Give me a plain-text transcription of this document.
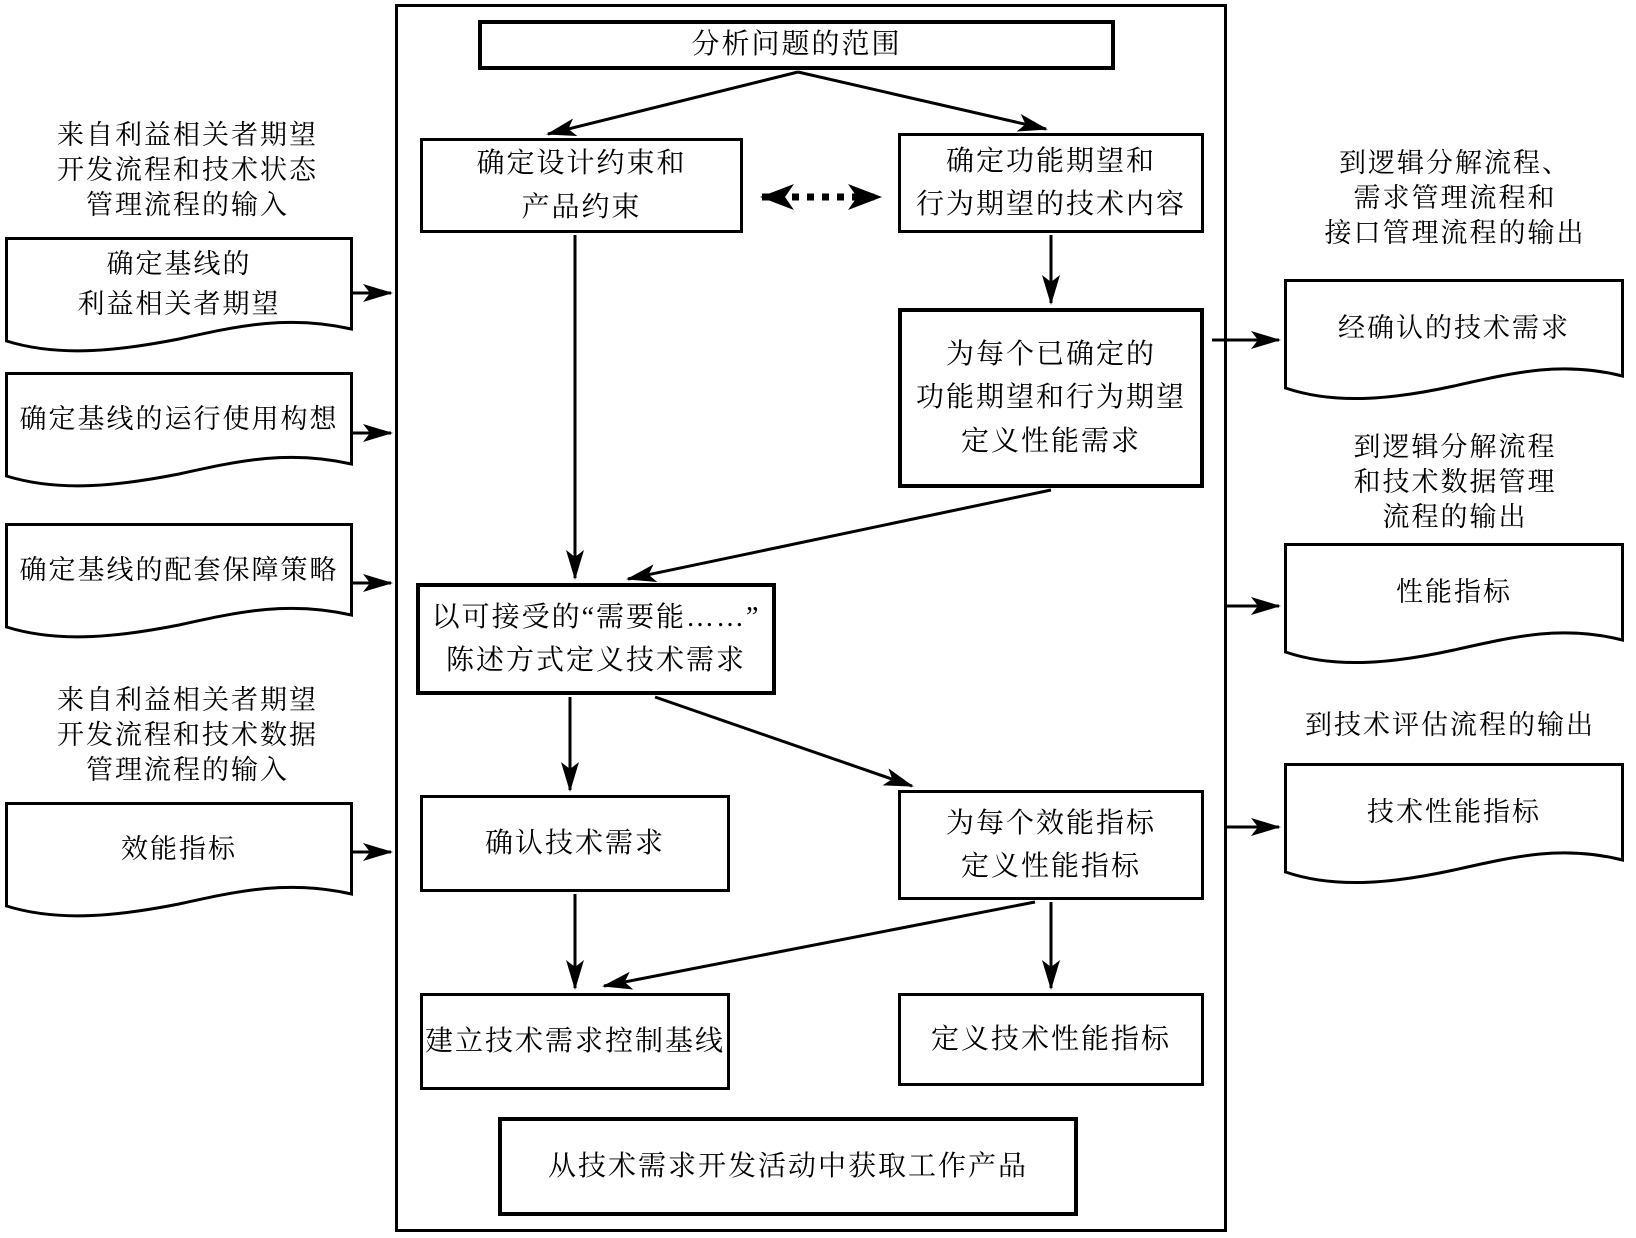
分析问题的范围
确定设计约束和
产品约束
确定功能期望和
行为期望的技术内容
为每个已确定的
功能期望和行为期望
定义性能需求
以可接受的“需要能……”
陈述方式定义技术需求
确认技术需求
为每个效能指标
定义性能指标
建立技术需求控制基线	定义技术性能指标
从技术需求开发活动中获取工作产品
来自利益相关者期望
开发流程和技术状态
管理流程的输入
来自利益相关者期望
开发流程和技术数据
管理流程的输入
确定基线的
利益相关者期望
确定基线的运行使用构想
确定基线的配套保障策略
效能指标
到逻辑分解流程、
需求管理流程和
接口管理流程的输出
到逻辑分解流程
和技术数据管理
流程的输出
到技术评估流程的输出
经确认的技术需求
性能指标
技术性能指标
